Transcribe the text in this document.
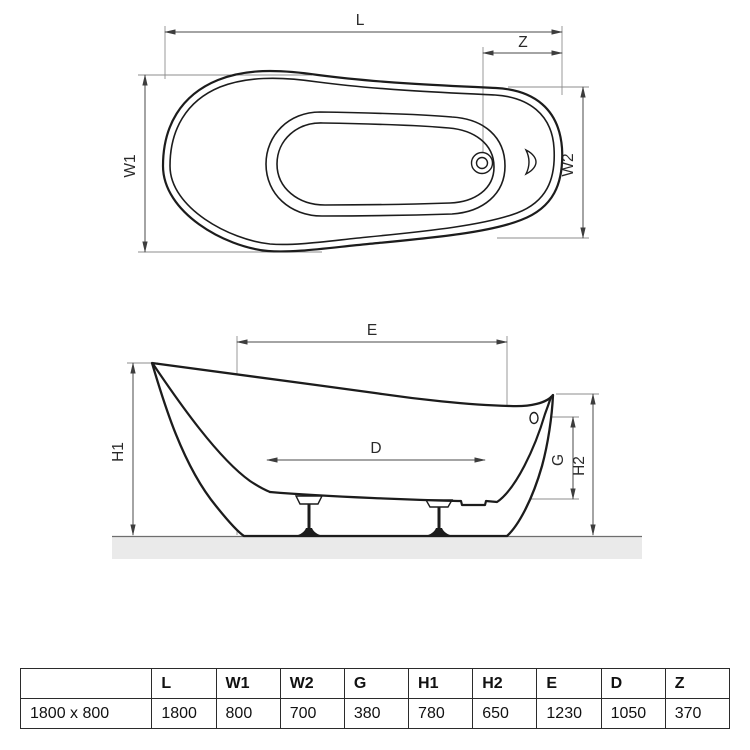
L
Z
W1	W2
E
D
H1	G H2
	L	W1	W2	G	H1	H2	E	D	Z
1800 x 800	1800	800	700	380	780	650	1230	1050	370
